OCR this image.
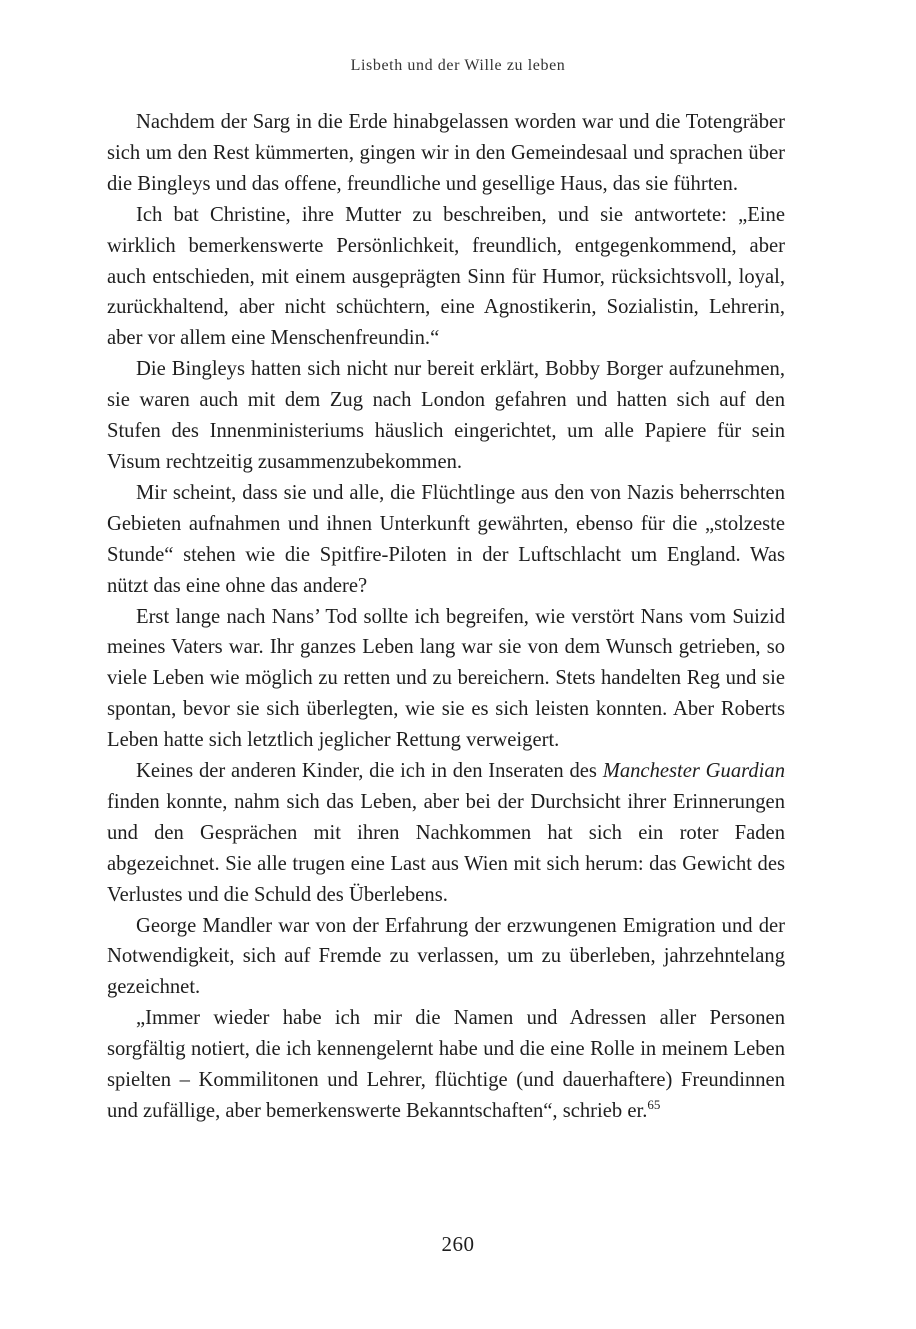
Lisbeth und der Wille zu leben

Nachdem der Sarg in die Erde hinabgelassen worden war und die Totengräber sich um den Rest kümmerten, gingen wir in den Gemeindesaal und sprachen über die Bingleys und das offene, freundliche und gesellige Haus, das sie führten.

Ich bat Christine, ihre Mutter zu beschreiben, und sie antwortete: „Eine wirklich bemerkenswerte Persönlichkeit, freundlich, entgegenkommend, aber auch entschieden, mit einem ausgeprägten Sinn für Humor, rücksichtsvoll, loyal, zurückhaltend, aber nicht schüchtern, eine Agnostikerin, Sozialistin, Lehrerin, aber vor allem eine Menschenfreundin.“

Die Bingleys hatten sich nicht nur bereit erklärt, Bobby Borger aufzunehmen, sie waren auch mit dem Zug nach London gefahren und hatten sich auf den Stufen des Innenministeriums häuslich eingerichtet, um alle Papiere für sein Visum rechtzeitig zusammenzubekommen.

Mir scheint, dass sie und alle, die Flüchtlinge aus den von Nazis beherrschten Gebieten aufnahmen und ihnen Unterkunft gewährten, ebenso für die „stolzeste Stunde“ stehen wie die Spitfire-Piloten in der Luftschlacht um England. Was nützt das eine ohne das andere?

Erst lange nach Nans’ Tod sollte ich begreifen, wie verstört Nans vom Suizid meines Vaters war. Ihr ganzes Leben lang war sie von dem Wunsch getrieben, so viele Leben wie möglich zu retten und zu bereichern. Stets handelten Reg und sie spontan, bevor sie sich überlegten, wie sie es sich leisten konnten. Aber Roberts Leben hatte sich letztlich jeglicher Rettung verweigert.

Keines der anderen Kinder, die ich in den Inseraten des Manchester Guardian finden konnte, nahm sich das Leben, aber bei der Durchsicht ihrer Erinnerungen und den Gesprächen mit ihren Nachkommen hat sich ein roter Faden abgezeichnet. Sie alle trugen eine Last aus Wien mit sich herum: das Gewicht des Verlustes und die Schuld des Überlebens.

George Mandler war von der Erfahrung der erzwungenen Emigration und der Notwendigkeit, sich auf Fremde zu verlassen, um zu überleben, jahrzehntelang gezeichnet.

„Immer wieder habe ich mir die Namen und Adressen aller Personen sorgfältig notiert, die ich kennengelernt habe und die eine Rolle in meinem Leben spielten – Kommilitonen und Lehrer, flüchtige (und dauerhaftere) Freundinnen und zufällige, aber bemerkenswerte Bekanntschaften“, schrieb er.$^{65}$

260
